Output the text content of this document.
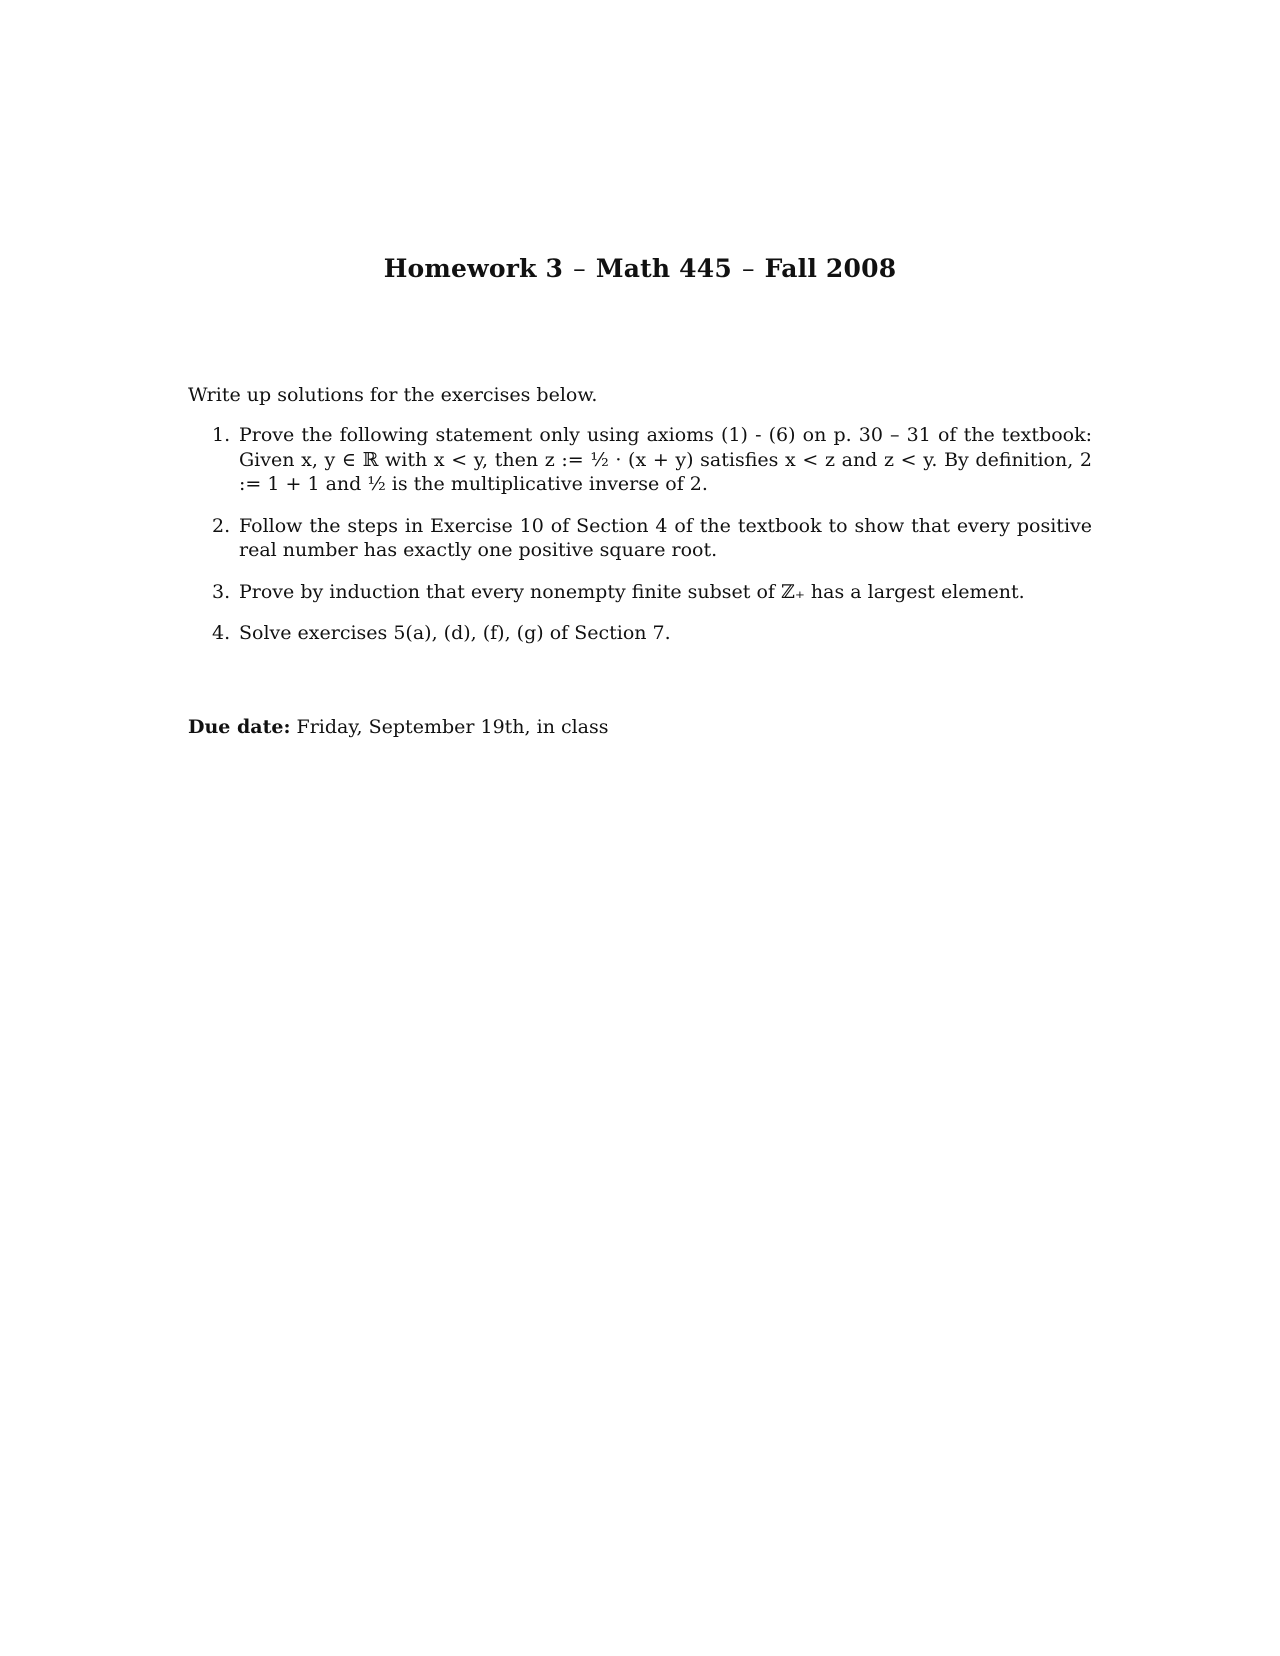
Homework 3 – Math 445 – Fall 2008
Write up solutions for the exercises below.
1. Prove the following statement only using axioms (1) - (6) on p. 30 – 31 of the textbook: Given x, y ∈ ℝ with x < y, then z := ½ · (x + y) satisfies x < z and z < y. By definition, 2 := 1 + 1 and ½ is the multiplicative inverse of 2.
2. Follow the steps in Exercise 10 of Section 4 of the textbook to show that every positive real number has exactly one positive square root.
3. Prove by induction that every nonempty finite subset of ℤ₊ has a largest element.
4. Solve exercises 5(a), (d), (f), (g) of Section 7.
Due date: Friday, September 19th, in class
